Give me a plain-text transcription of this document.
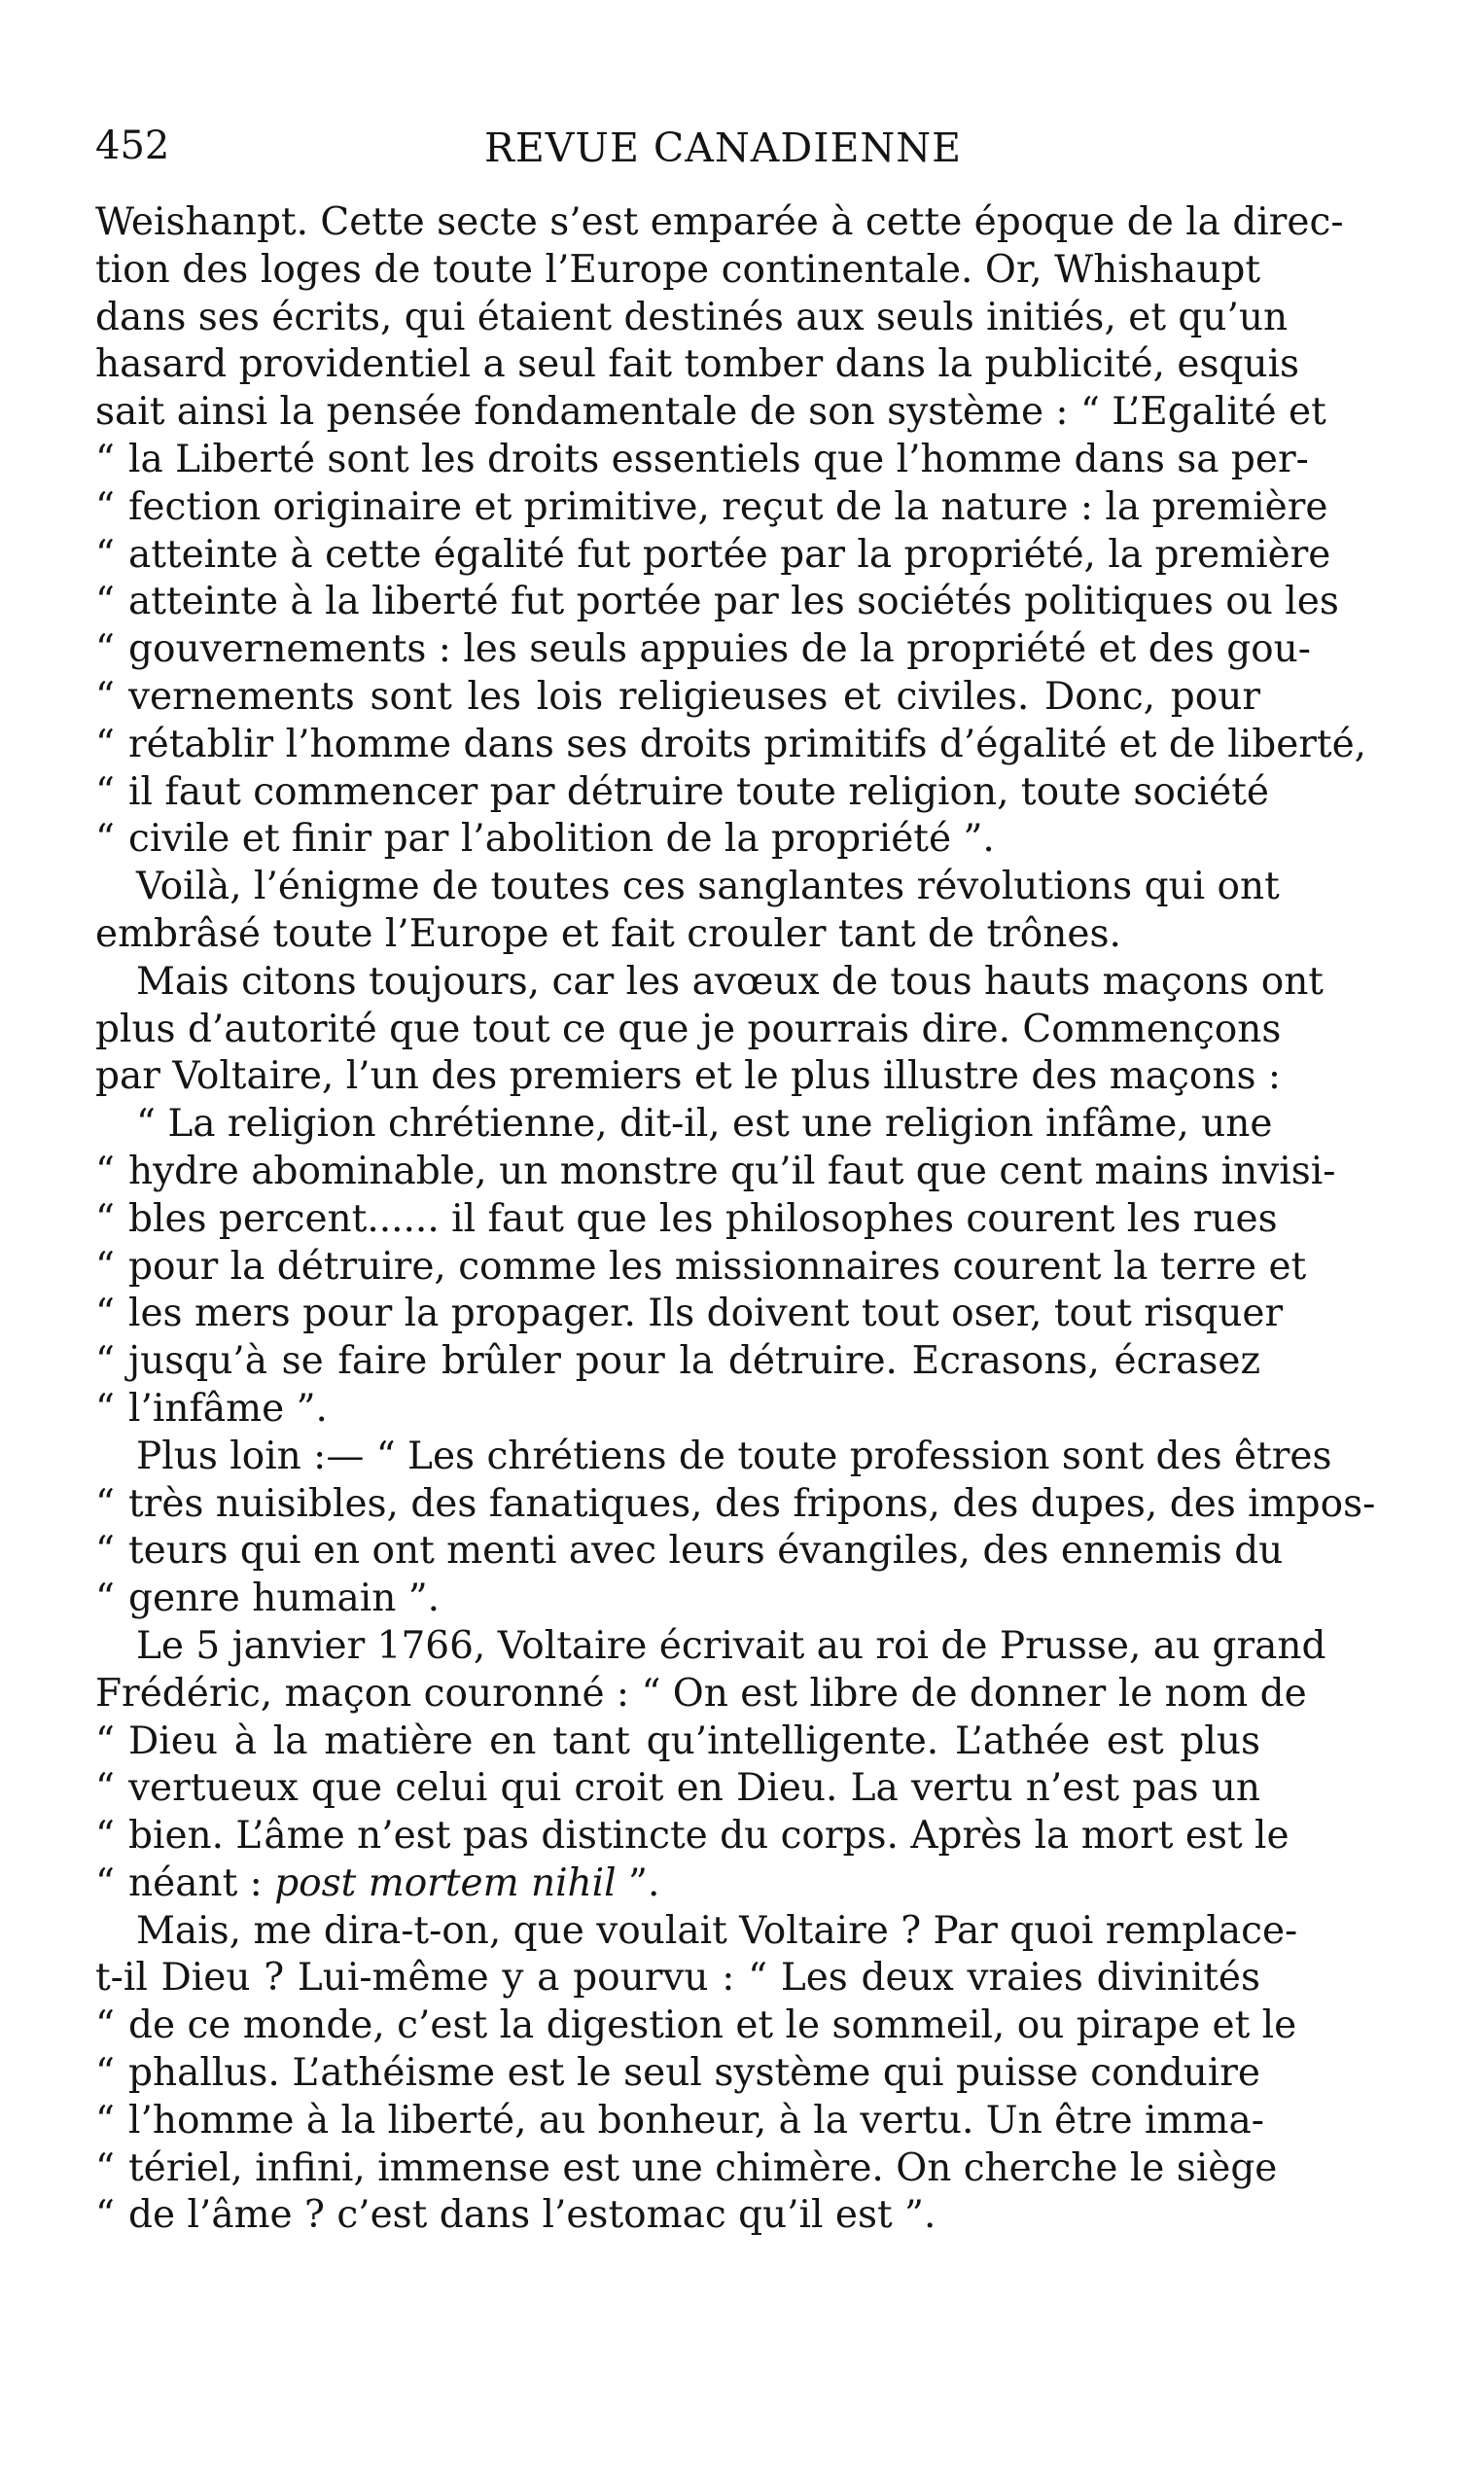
452	REVUE CANADIENNE
Weishanpt. Cette secte s’est emparée à cette époque de la direc-
tion des loges de toute l’Europe continentale. Or, Whishaupt
dans ses écrits, qui étaient destinés aux seuls initiés, et qu’un
hasard providentiel a seul fait tomber dans la publicité, esquis
sait ainsi la pensée fondamentale de son système : “ L’Egalité et
“ la Liberté sont les droits essentiels que l’homme dans sa per-
“ fection originaire et primitive, reçut de la nature : la première
“ atteinte à cette égalité fut portée par la propriété, la première
“ atteinte à la liberté fut portée par les sociétés politiques ou les
“ gouvernements : les seuls appuies de la propriété et des gou-
“ vernements sont les lois religieuses et civiles. Donc, pour
“ rétablir l’homme dans ses droits primitifs d’égalité et de liberté,
“ il faut commencer par détruire toute religion, toute société
“ civile et finir par l’abolition de la propriété ”.
Voilà, l’énigme de toutes ces sanglantes révolutions qui ont
embrâsé toute l’Europe et fait crouler tant de trônes.
Mais citons toujours, car les avœux de tous hauts maçons ont
plus d’autorité que tout ce que je pourrais dire. Commençons
par Voltaire, l’un des premiers et le plus illustre des maçons :
“ La religion chrétienne, dit-il, est une religion infâme, une
“ hydre abominable, un monstre qu’il faut que cent mains invisi-
“ bles percent...... il faut que les philosophes courent les rues
“ pour la détruire, comme les missionnaires courent la terre et
“ les mers pour la propager. Ils doivent tout oser, tout risquer
“ jusqu’à se faire brûler pour la détruire. Ecrasons, écrasez
“ l’infâme ”.
Plus loin :— “ Les chrétiens de toute profession sont des êtres
“ très nuisibles, des fanatiques, des fripons, des dupes, des impos-
“ teurs qui en ont menti avec leurs évangiles, des ennemis du
“ genre humain ”.
Le 5 janvier 1766, Voltaire écrivait au roi de Prusse, au grand
Frédéric, maçon couronné : “ On est libre de donner le nom de
“ Dieu à la matière en tant qu’intelligente. L’athée est plus
“ vertueux que celui qui croit en Dieu. La vertu n’est pas un
“ bien. L’âme n’est pas distincte du corps. Après la mort est le
“ néant : post mortem nihil ”.
Mais, me dira-t-on, que voulait Voltaire ? Par quoi remplace-
t-il Dieu ? Lui-même y a pourvu : “ Les deux vraies divinités
“ de ce monde, c’est la digestion et le sommeil, ou pirape et le
“ phallus. L’athéisme est le seul système qui puisse conduire
“ l’homme à la liberté, au bonheur, à la vertu. Un être imma-
“ tériel, infini, immense est une chimère. On cherche le siège
“ de l’âme ? c’est dans l’estomac qu’il est ”.
